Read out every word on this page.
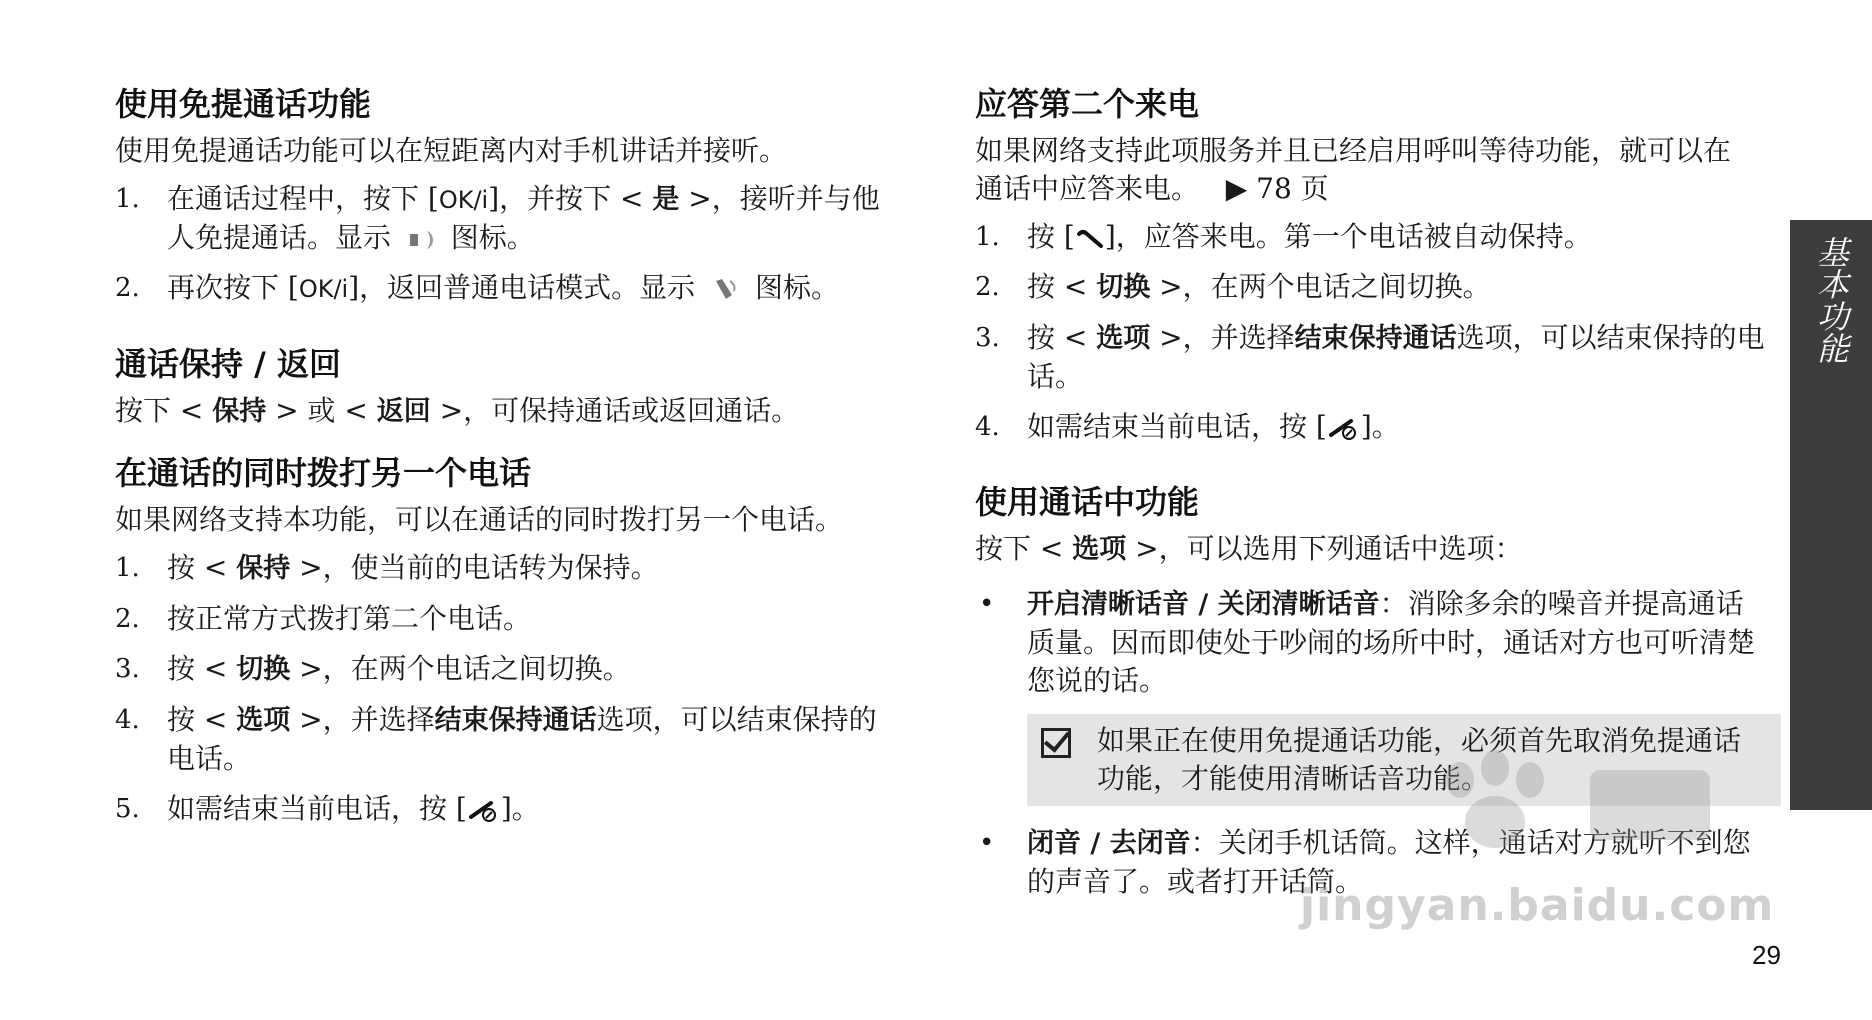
使用免提通话功能

使用免提通话功能可以在短距离内对手机讲话并接听。

1. 在通话过程中，按下 [OK/i]，并按下 < 是 >，接听并与他人免提通话。显示  图标。
2. 再次按下 [OK/i]，返回普通电话模式。显示
图标。
通话保持 / 返回

按下 < 保持 > 或 < 返回 >，可保持通话或返回通话。

在通话的同时拨打另一个电话

如果网络支持本功能，可以在通话的同时拨打另一个电话。

1. 按 < 保持 >，使当前的电话转为保持。
2. 按正常方式拨打第二个电话。
3. 按 < 切换 >，在两个电话之间切换。
4. 按 < 选项 >，并选择结束保持通话选项，可以结束保持的电话。
5. 如需结束当前电话，按 [ ]。
应答第二个来电

如果网络支持此项服务并且已经启用呼叫等待功能，就可以在通话中应答来电。 ▶ 78 页

1. 按 [ ]，应答来电。第一个电话被自动保持。
2. 按 < 切换 >，在两个电话之间切换。
3. 按 < 选项 >，并选择结束保持通话选项，可以结束保持的电话。
4. 如需结束当前电话，按 [ ]。
使用通话中功能

按下 < 选项 >，可以选用下列通话中选项：

• 开启清晰话音 / 关闭清晰话音：消除多余的噪音并提高通话质量。因而即使处于吵闹的场所中时，通话对方也可听清楚您说的话。
如果正在使用免提通话功能，必须首先取消免提通话功能，才能使用清晰话音功能。
• 闭音 / 去闭音：关闭手机话筒。这样，通话对方就听不到您的声音了。或者打开话筒。
基本功能
jingyan.baidu.com
29
